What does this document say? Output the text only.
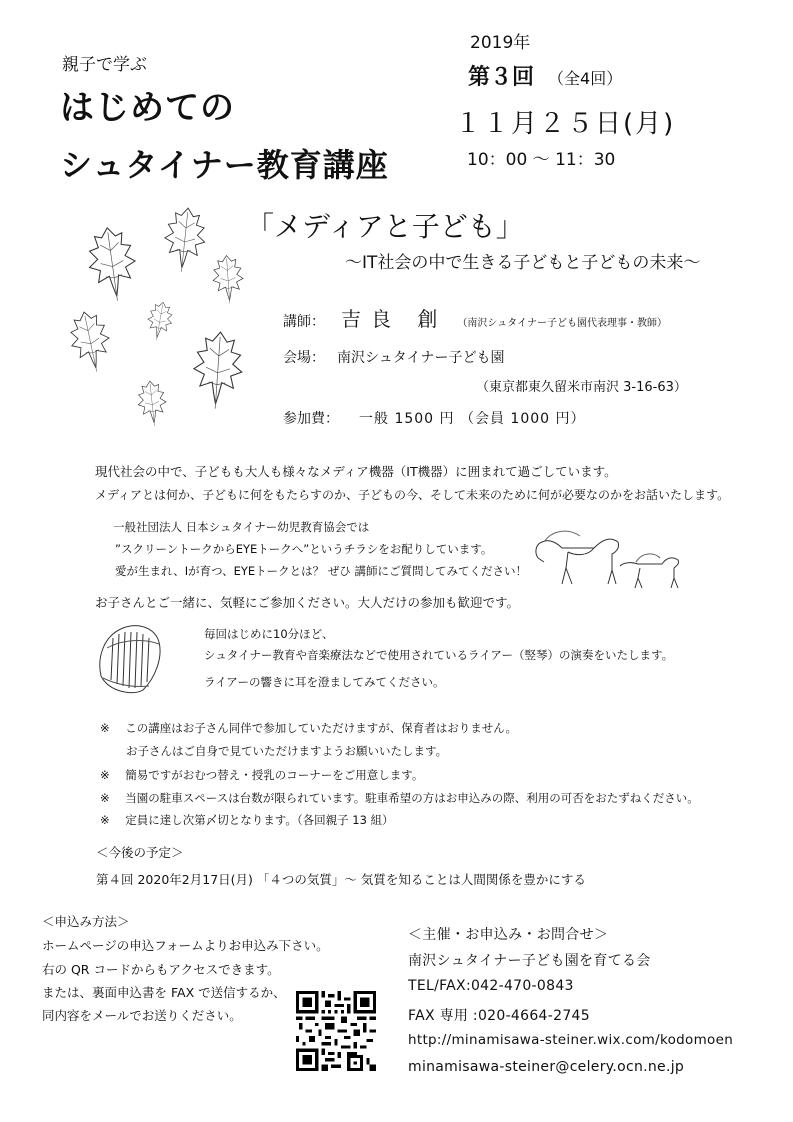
親子で学ぶ
はじめての
シュタイナー教育講座
2019年
第３回 （全4回）
１１月２５日(月)
10：00 ～ 11：30
「メディアと子ども」
～IT社会の中で生きる子どもと子どもの未来～
講師： 吉良 創 （南沢シュタイナー子ども園代表理事・教師）
会場： 南沢シュタイナー子ども園
（東京都東久留米市南沢 3-16-63）
参加費： 一般 1500 円 （会員 1000 円）
現代社会の中で、子どもも大人も様々なメディア機器（IT機器）に囲まれて過ごしています。
メディアとは何か、子どもに何をもたらすのか、子どもの今、そして未来のために何が必要なのかをお話いたします。
一般社団法人 日本シュタイナー幼児教育協会では
”スクリーントークからEYEトークへ”というチラシをお配りしています。
愛が生まれ、Iが育つ、EYEトークとは？ ぜひ 講師にご質問してみてください！
お子さんとご一緒に、気軽にご参加ください。大人だけの参加も歓迎です。
毎回はじめに10分ほど、
シュタイナー教育や音楽療法などで使用されているライアー（竪琴）の演奏をいたします。
ライアーの響きに耳を澄ましてみてください。
※ この講座はお子さん同伴で参加していただけますが、保育者はおりません。
お子さんはご自身で見ていただけますようお願いいたします。
※ 簡易ですがおむつ替え・授乳のコーナーをご用意します。
※ 当園の駐車スペースは台数が限られています。駐車希望の方はお申込みの際、利用の可否をおたずねください。
※ 定員に達し次第〆切となります。（各回親子 13 組）
＜今後の予定＞
第４回 2020年2月17日(月) 「４つの気質」～ 気質を知ることは人間関係を豊かにする
＜申込み方法＞
ホームページの申込フォームよりお申込み下さい。
右の QR コードからもアクセスできます。
または、裏面申込書を FAX で送信するか、
同内容をメールでお送りください。
＜主催・お申込み・お問合せ＞
南沢シュタイナー子ども園を育てる会
TEL/FAX:042-470-0843
FAX 専用 :020-4664-2745
http://minamisawa-steiner.wix.com/kodomoen
minamisawa-steiner@celery.ocn.ne.jp
